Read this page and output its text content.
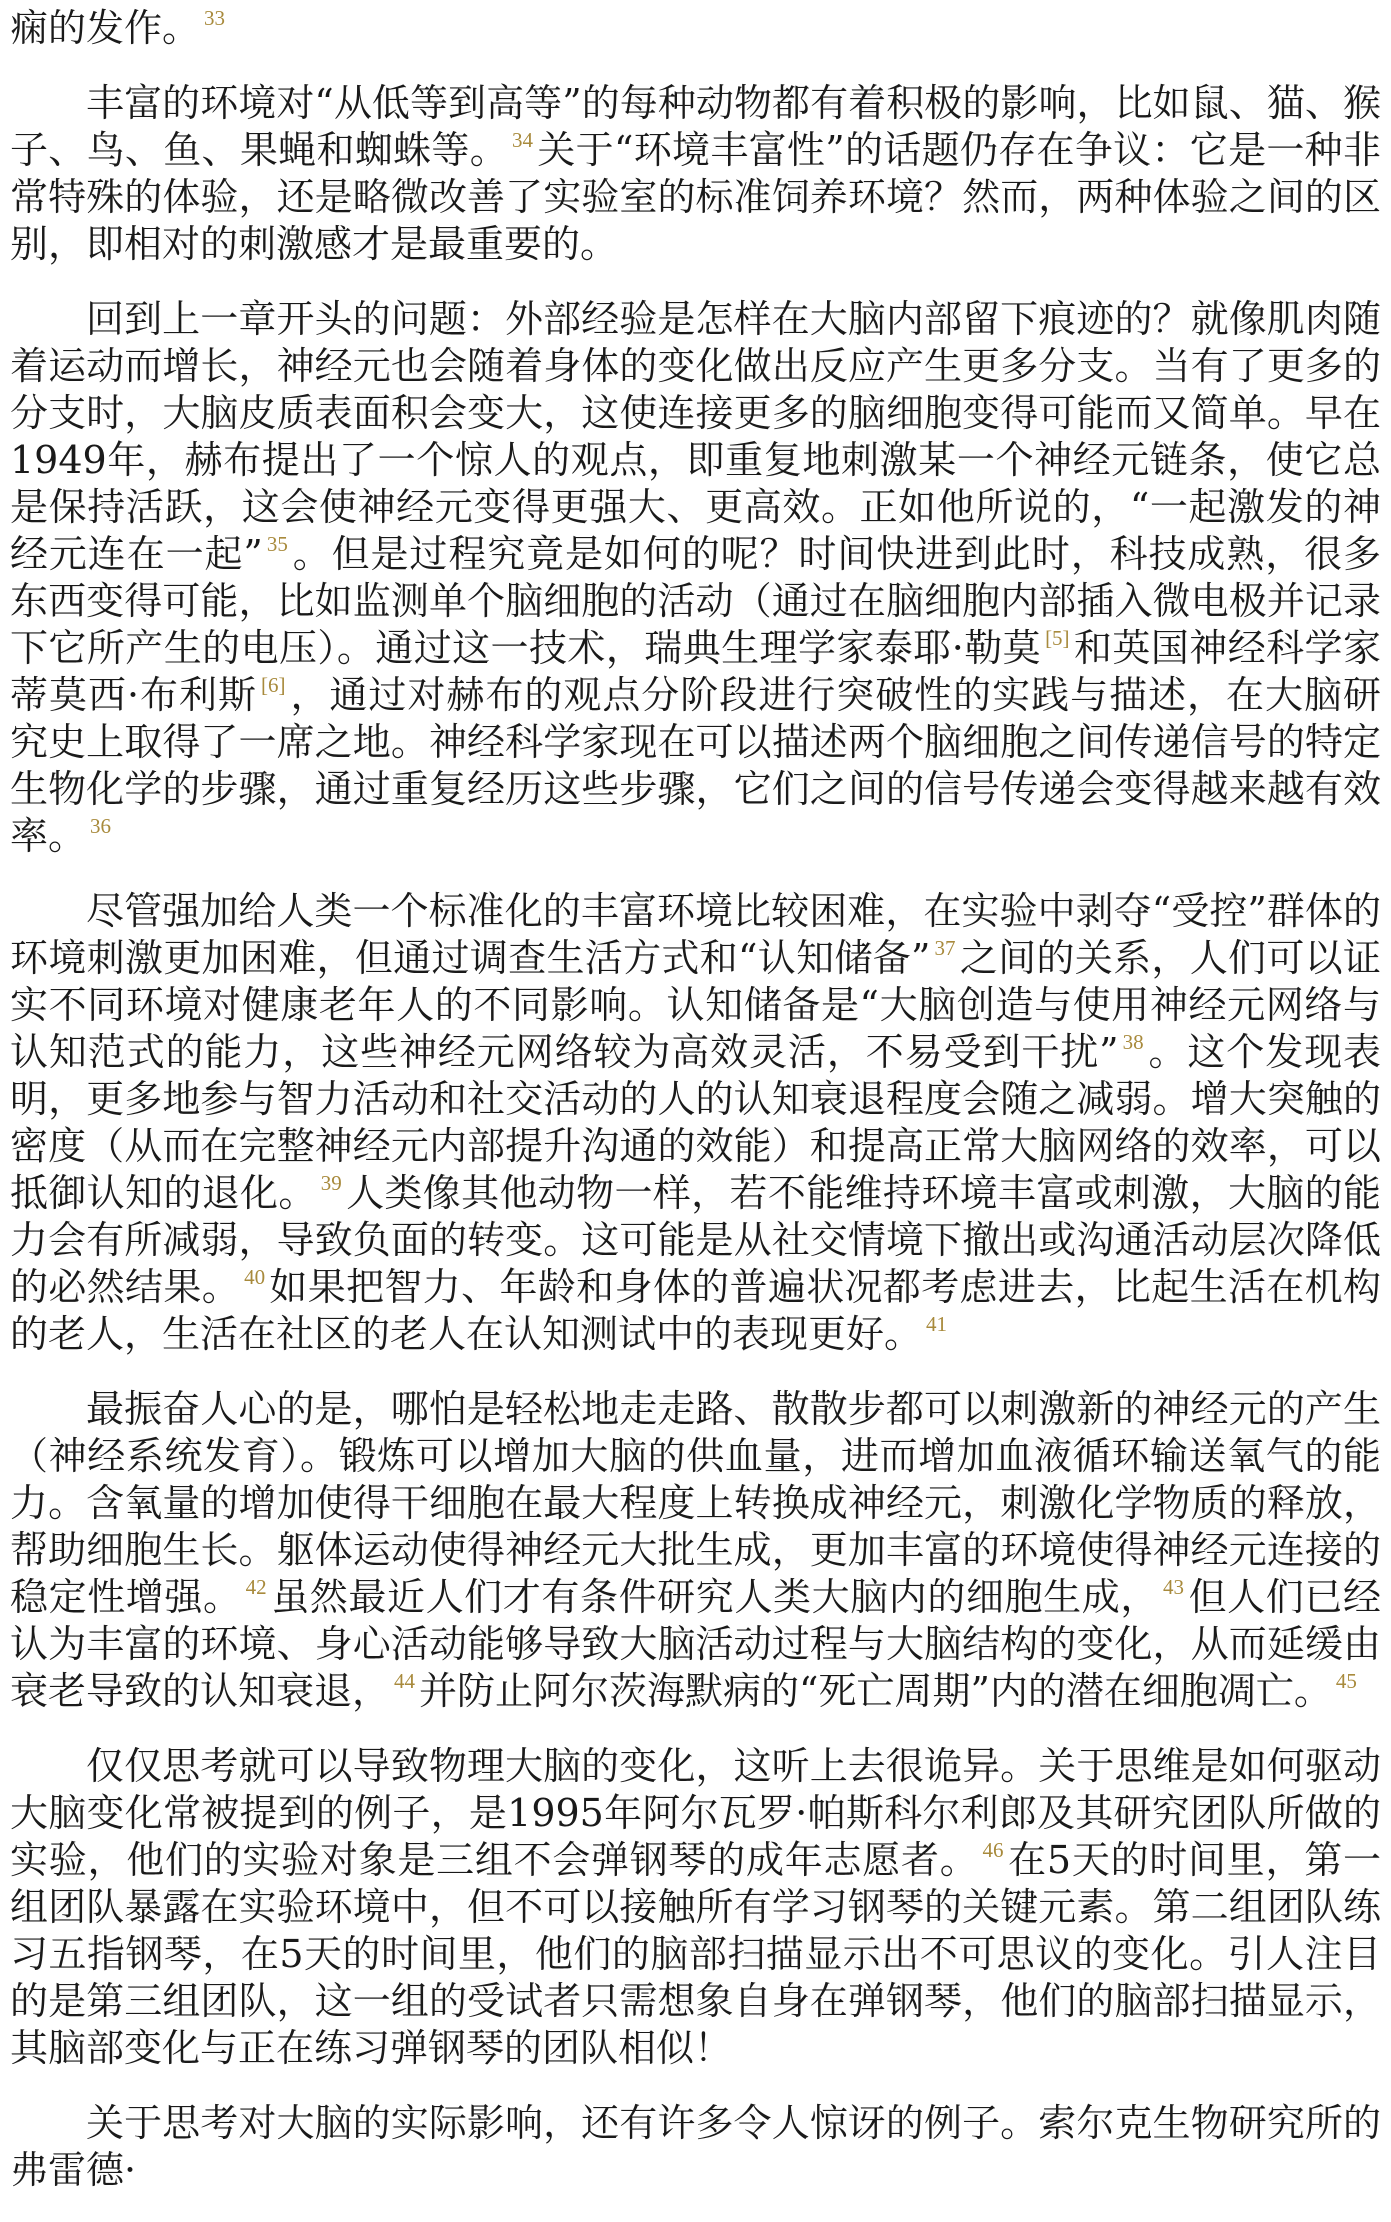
痫的发作。 $^{33}$

丰富的环境对“从低等到高等”的每种动物都有着积极的影响，比如鼠、猫、猴子、鸟、鱼、果蝇和蜘蛛等。 $^{34}$ 关于“环境丰富性”的话题仍存在争议：它是一种非常特殊的体验，还是略微改善了实验室的标准饲养环境？然而，两种体验之间的区别，即相对的刺激感才是最重要的。

回到上一章开头的问题：外部经验是怎样在大脑内部留下痕迹的？就像肌肉随着运动而增长，神经元也会随着身体的变化做出反应产生更多分支。当有了更多的分支时，大脑皮质表面积会变大，这使连接更多的脑细胞变得可能而又简单。早在1949年，赫布提出了一个惊人的观点，即重复地刺激某一个神经元链条，使它总是保持活跃，这会使神经元变得更强大、更高效。正如他所说的，“一起激发的神经元连在一起” $^{35}$ 。但是过程究竟是如何的呢？时间快进到此时，科技成熟，很多东西变得可能，比如监测单个脑细胞的活动（通过在脑细胞内部插入微电极并记录下它所产生的电压）。通过这一技术，瑞典生理学家泰耶·勒莫 [5] 和英国神经科学家蒂莫西·布利斯 [6] ，通过对赫布的观点分阶段进行突破性的实践与描述，在大脑研究史上取得了一席之地。神经科学家现在可以描述两个脑细胞之间传递信号的特定生物化学的步骤，通过重复经历这些步骤，它们之间的信号传递会变得越来越有效率。 $^{36}$

尽管强加给人类一个标准化的丰富环境比较困难，在实验中剥夺“受控”群体的环境刺激更加困难，但通过调查生活方式和“认知储备” $^{37}$ 之间的关系，人们可以证实不同环境对健康老年人的不同影响。认知储备是“大脑创造与使用神经元网络与认知范式的能力，这些神经元网络较为高效灵活，不易受到干扰” $^{38}$ 。这个发现表明，更多地参与智力活动和社交活动的人的认知衰退程度会随之减弱。增大突触的密度（从而在完整神经元内部提升沟通的效能）和提高正常大脑网络的效率，可以抵御认知的退化。 $^{39}$ 人类像其他动物一样，若不能维持环境丰富或刺激，大脑的能力会有所减弱，导致负面的转变。这可能是从社交情境下撤出或沟通活动层次降低的必然结果。 $^{40}$ 如果把智力、年龄和身体的普遍状况都考虑进去，比起生活在机构的老人，生活在社区的老人在认知测试中的表现更好。 $^{41}$

最振奋人心的是，哪怕是轻松地走走路、散散步都可以刺激新的神经元的产生（神经系统发育）。锻炼可以增加大脑的供血量，进而增加血液循环输送氧气的能力。含氧量的增加使得干细胞在最大程度上转换成神经元，刺激化学物质的释放，帮助细胞生长。躯体运动使得神经元大批生成，更加丰富的环境使得神经元连接的稳定性增强。 $^{42}$ 虽然最近人们才有条件研究人类大脑内的细胞生成， $^{43}$ 但人们已经认为丰富的环境、身心活动能够导致大脑活动过程与大脑结构的变化，从而延缓由衰老导致的认知衰退， $^{44}$ 并防止阿尔茨海默病的“死亡周期”内的潜在细胞凋亡。 $^{45}$

仅仅思考就可以导致物理大脑的变化，这听上去很诡异。关于思维是如何驱动大脑变化常被提到的例子，是1995年阿尔瓦罗·帕斯科尔利郎及其研究团队所做的实验，他们的实验对象是三组不会弹钢琴的成年志愿者。 $^{46}$ 在5天的时间里，第一组团队暴露在实验环境中，但不可以接触所有学习钢琴的关键元素。第二组团队练习五指钢琴，在5天的时间里，他们的脑部扫描显示出不可思议的变化。引人注目的是第三组团队，这一组的受试者只需想象自身在弹钢琴，他们的脑部扫描显示，其脑部变化与正在练习弹钢琴的团队相似！

关于思考对大脑的实际影响，还有许多令人惊讶的例子。索尔克生物研究所的弗雷德·
